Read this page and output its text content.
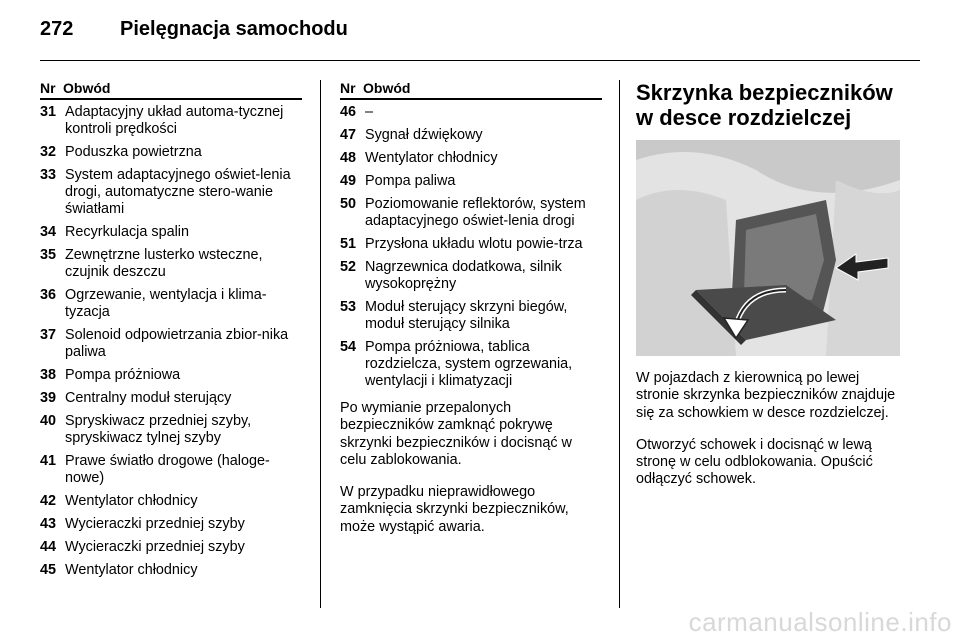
272 Pielęgnacja samochodu
Nr Obwód
31 Adaptacyjny układ automa-tycznej kontroli prędkości
32 Poduszka powietrzna
33 System adaptacyjnego oświet-lenia drogi, automatyczne stero-wanie światłami
34 Recyrkulacja spalin
35 Zewnętrzne lusterko wsteczne, czujnik deszczu
36 Ogrzewanie, wentylacja i klima-tyzacja
37 Solenoid odpowietrzania zbior-nika paliwa
38 Pompa próżniowa
39 Centralny moduł sterujący
40 Spryskiwacz przedniej szyby, spryskiwacz tylnej szyby
41 Prawe światło drogowe (haloge-nowe)
42 Wentylator chłodnicy
43 Wycieraczki przedniej szyby
44 Wycieraczki przedniej szyby
45 Wentylator chłodnicy
Nr Obwód
46 –
47 Sygnał dźwiękowy
48 Wentylator chłodnicy
49 Pompa paliwa
50 Poziomowanie reflektorów, system adaptacyjnego oświet-lenia drogi
51 Przysłona układu wlotu powie-trza
52 Nagrzewnica dodatkowa, silnik wysokoprężny
53 Moduł sterujący skrzyni biegów, moduł sterujący silnika
54 Pompa próżniowa, tablica rozdzielcza, system ogrzewania, wentylacji i klimatyzacji

Po wymianie przepalonych bezpieczników zamknąć pokrywę skrzynki bezpieczników i docisnąć w celu zablokowania.

W przypadku nieprawidłowego zamknięcia skrzynki bezpieczników, może wystąpić awaria.

Skrzynka bezpieczników w desce rozdzielczej

W pojazdach z kierownicą po lewej stronie skrzynka bezpieczników znajduje się za schowkiem w desce rozdzielczej.

Otworzyć schowek i docisnąć w lewą stronę w celu odblokowania. Opuścić odłączyć schowek.

carmanualsonline.info
